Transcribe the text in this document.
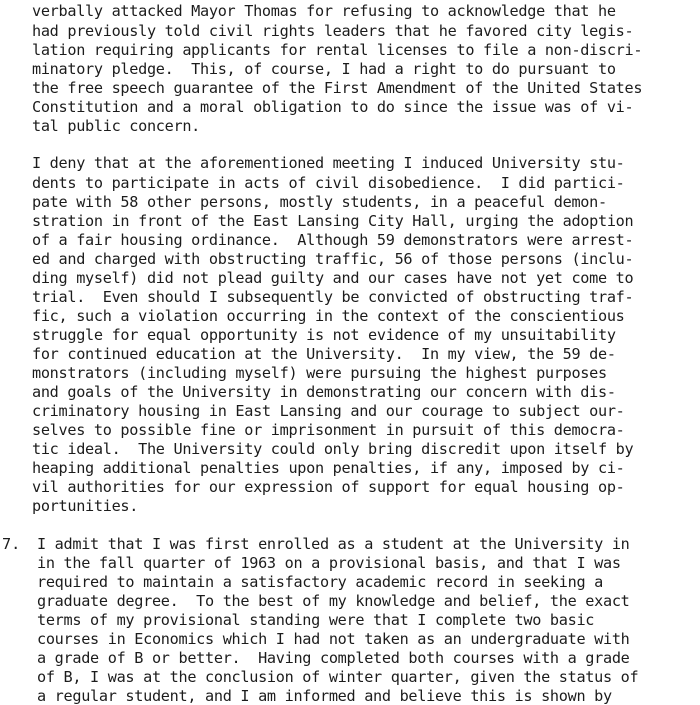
verbally attacked Mayor Thomas for refusing to acknowledge that he
had previously told civil rights leaders that he favored city legis-
lation requiring applicants for rental licenses to file a non-discri-
minatory pledge.  This, of course, I had a right to do pursuant to
the free speech guarantee of the First Amendment of the United States
Constitution and a moral obligation to do since the issue was of vi-
tal public concern.
I deny that at the aforementioned meeting I induced University stu-
dents to participate in acts of civil disobedience.  I did partici-
pate with 58 other persons, mostly students, in a peaceful demon-
stration in front of the East Lansing City Hall, urging the adoption
of a fair housing ordinance.  Although 59 demonstrators were arrest-
ed and charged with obstructing traffic, 56 of those persons (inclu-
ding myself) did not plead guilty and our cases have not yet come to
trial.  Even should I subsequently be convicted of obstructing traf-
fic, such a violation occurring in the context of the conscientious
struggle for equal opportunity is not evidence of my unsuitability
for continued education at the University.  In my view, the 59 de-
monstrators (including myself) were pursuing the highest purposes
and goals of the University in demonstrating our concern with dis-
criminatory housing in East Lansing and our courage to subject our-
selves to possible fine or imprisonment in pursuit of this democra-
tic ideal.  The University could only bring discredit upon itself by
heaping additional penalties upon penalties, if any, imposed by ci-
vil authorities for our expression of support for equal housing op-
portunities.
7. I admit that I was first enrolled as a student at the University in
in the fall quarter of 1963 on a provisional basis, and that I was
required to maintain a satisfactory academic record in seeking a
graduate degree.  To the best of my knowledge and belief, the exact
terms of my provisional standing were that I complete two basic
courses in Economics which I had not taken as an undergraduate with
a grade of B or better.  Having completed both courses with a grade
of B, I was at the conclusion of winter quarter, given the status of
a regular student, and I am informed and believe this is shown by
